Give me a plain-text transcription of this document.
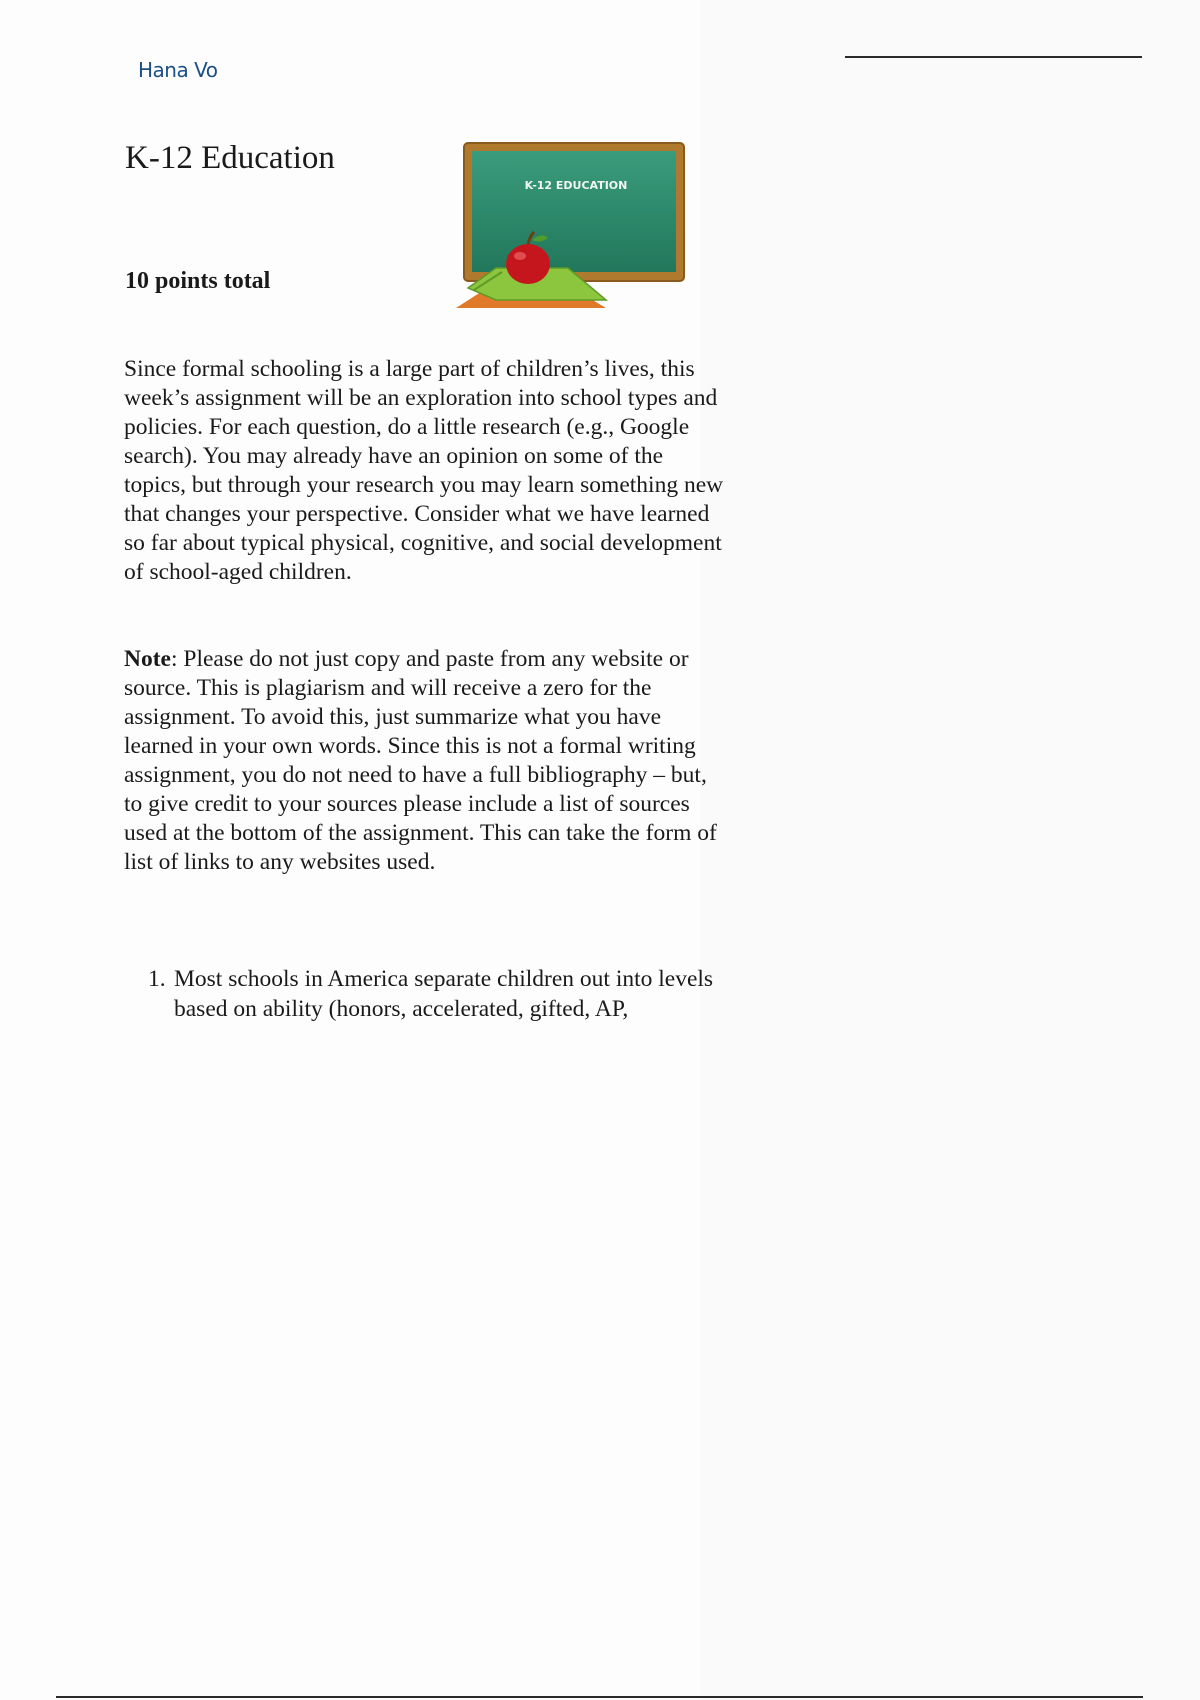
Hana Vo
K-12 Education
10 points total
K-12 EDUCATION

Since formal schooling is a large part of children’s lives, this week’s assignment will be an exploration into school types and policies. For each question, do a little research (e.g., Google search). You may already have an opinion on some of the topics, but through your research you may learn something new that changes your perspective. Consider what we have learned so far about typical physical, cognitive, and social development of school-aged children.

Note: Please do not just copy and paste from any website or source. This is plagiarism and will receive a zero for the assignment. To avoid this, just summarize what you have learned in your own words. Since this is not a formal writing assignment, you do not need to have a full bibliography – but, to give credit to your sources please include a list of sources used at the bottom of the assignment. This can take the form of list of links to any websites used.

1. Most schools in America separate children out into levels based on ability (honors, accelerated, gifted, AP,
